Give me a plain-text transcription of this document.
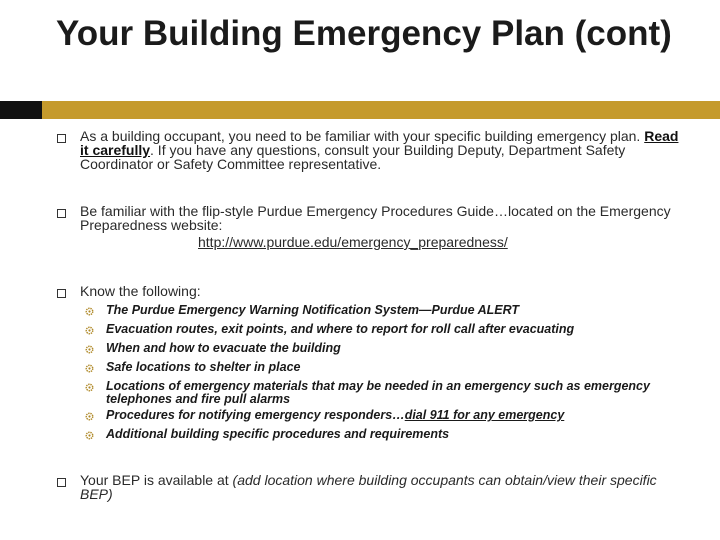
Your Building Emergency Plan (cont)

As a building occupant, you need to be familiar with your specific building emergency plan. Read it carefully. If you have any questions, consult your Building Deputy, Department Safety Coordinator or Safety Committee representative.

Be familiar with the flip-style Purdue Emergency Procedures Guide…located on the Emergency Preparedness website:
http://www.purdue.edu/emergency_preparedness/

Know the following:

The Purdue Emergency Warning Notification System—Purdue ALERT
Evacuation routes, exit points, and where to report for roll call after evacuating
When and how to evacuate the building
Safe locations to shelter in place
Locations of emergency materials that may be needed in an emergency such as emergency telephones and fire pull alarms
Procedures for notifying emergency responders…dial 911 for any emergency
Additional building specific procedures and requirements

Your BEP is available at (add location where building occupants can obtain/view their specific BEP)
